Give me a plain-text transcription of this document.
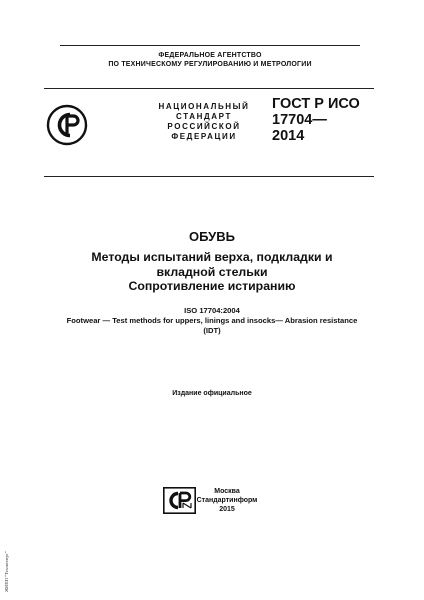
ФЕДЕРАЛЬНОЕ АГЕНТСТВО
ПО ТЕХНИЧЕСКОМУ РЕГУЛИРОВАНИЮ И МЕТРОЛОГИИ
НАЦИОНАЛЬНЫЙ
СТАНДАРТ
РОССИЙСКОЙ
ФЕДЕРАЦИИ
ГОСТ Р ИСО
17704—
2014
ОБУВЬ
Методы испытаний верха, подкладки и
вкладной стельки
Сопротивление истиранию
ISO 17704:2004
Footwear — Test methods for uppers, linings and insocks— Abrasion resistance
(IDT)
Издание официальное
Москва
Стандартинформ
2015
ЖНПП "Техэксперт"
